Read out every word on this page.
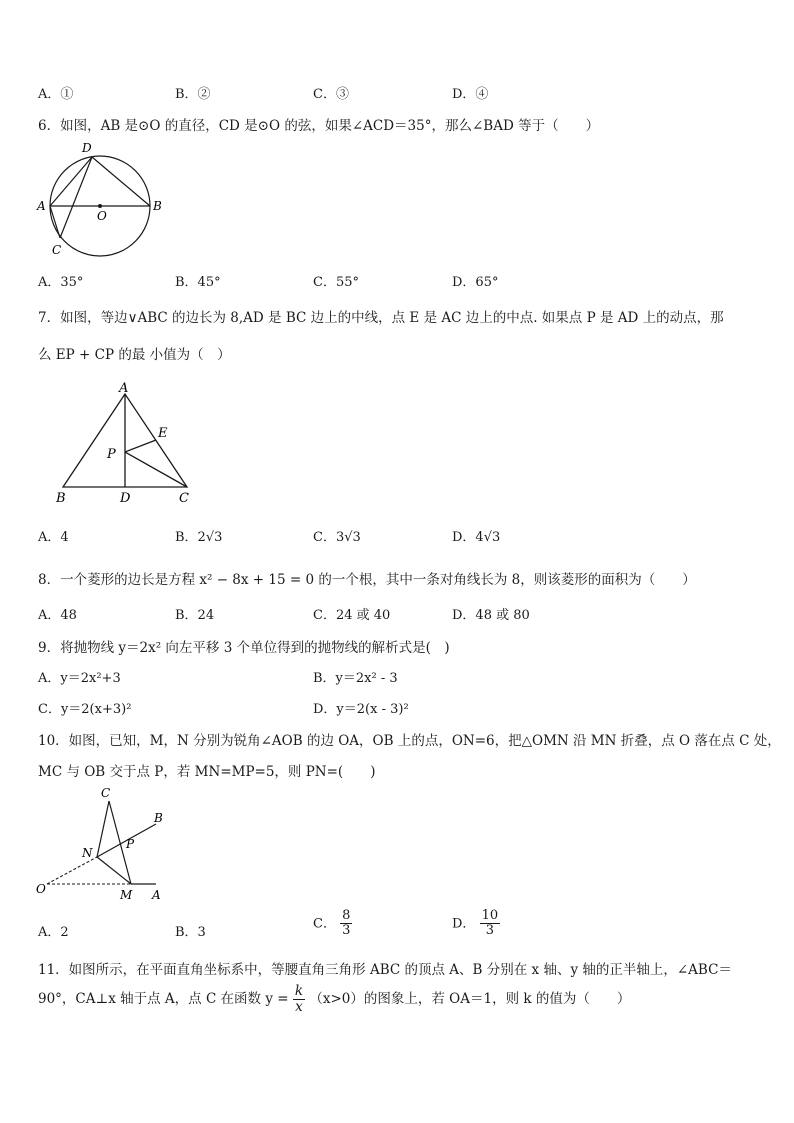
A．①	B．②	C．③	D．④
6．如图，AB 是⊙O 的直径，CD 是⊙O 的弦，如果∠ACD＝35°，那么∠BAD 等于（　　）
D
A
O
B
C
A．35°	B．45°	C．55°	D．65°
7．如图，等边∨ABC 的边长为 8,AD 是 BC 边上的中线，点 E 是 AC 边上的中点. 如果点 P 是 AD 上的动点，那
么 EP + CP 的最 小值为（　）
A
E
P
B	D	C
A．4	B．2√3	C．3√3	D．4√3
8．一个菱形的边长是方程 x² − 8x + 15 = 0 的一个根，其中一条对角线长为 8，则该菱形的面积为（　　）
A．48	B．24	C．24 或 40	D．48 或 80
9．将抛物线 y＝2x² 向左平移 3 个单位得到的抛物线的解析式是(　)
A．y＝2x²+3	B．y＝2x² - 3
C．y＝2(x+3)²	D．y＝2(x - 3)²
10．如图，已知，M，N 分别为锐角∠AOB 的边 OA，OB 上的点，ON=6，把△OMN 沿 MN 折叠，点 O 落在点 C 处，
MC 与 OB 交于点 P，若 MN=MP=5，则 PN=(　　)
C
B
P
N
O	M A
A．2	B．3
C． $\frac{8}{3}$	D． $\frac{10}{3}$
11．如图所示，在平面直角坐标系中，等腰直角三角形 ABC 的顶点 A、B 分别在 x 轴、y 轴的正半轴上，∠ABC＝
90°，CA⊥x 轴于点 A，点 C 在函数 $y = \frac{k}{x} (x>0)$的图象上，若 OA＝1，则 k 的值为（　　）
